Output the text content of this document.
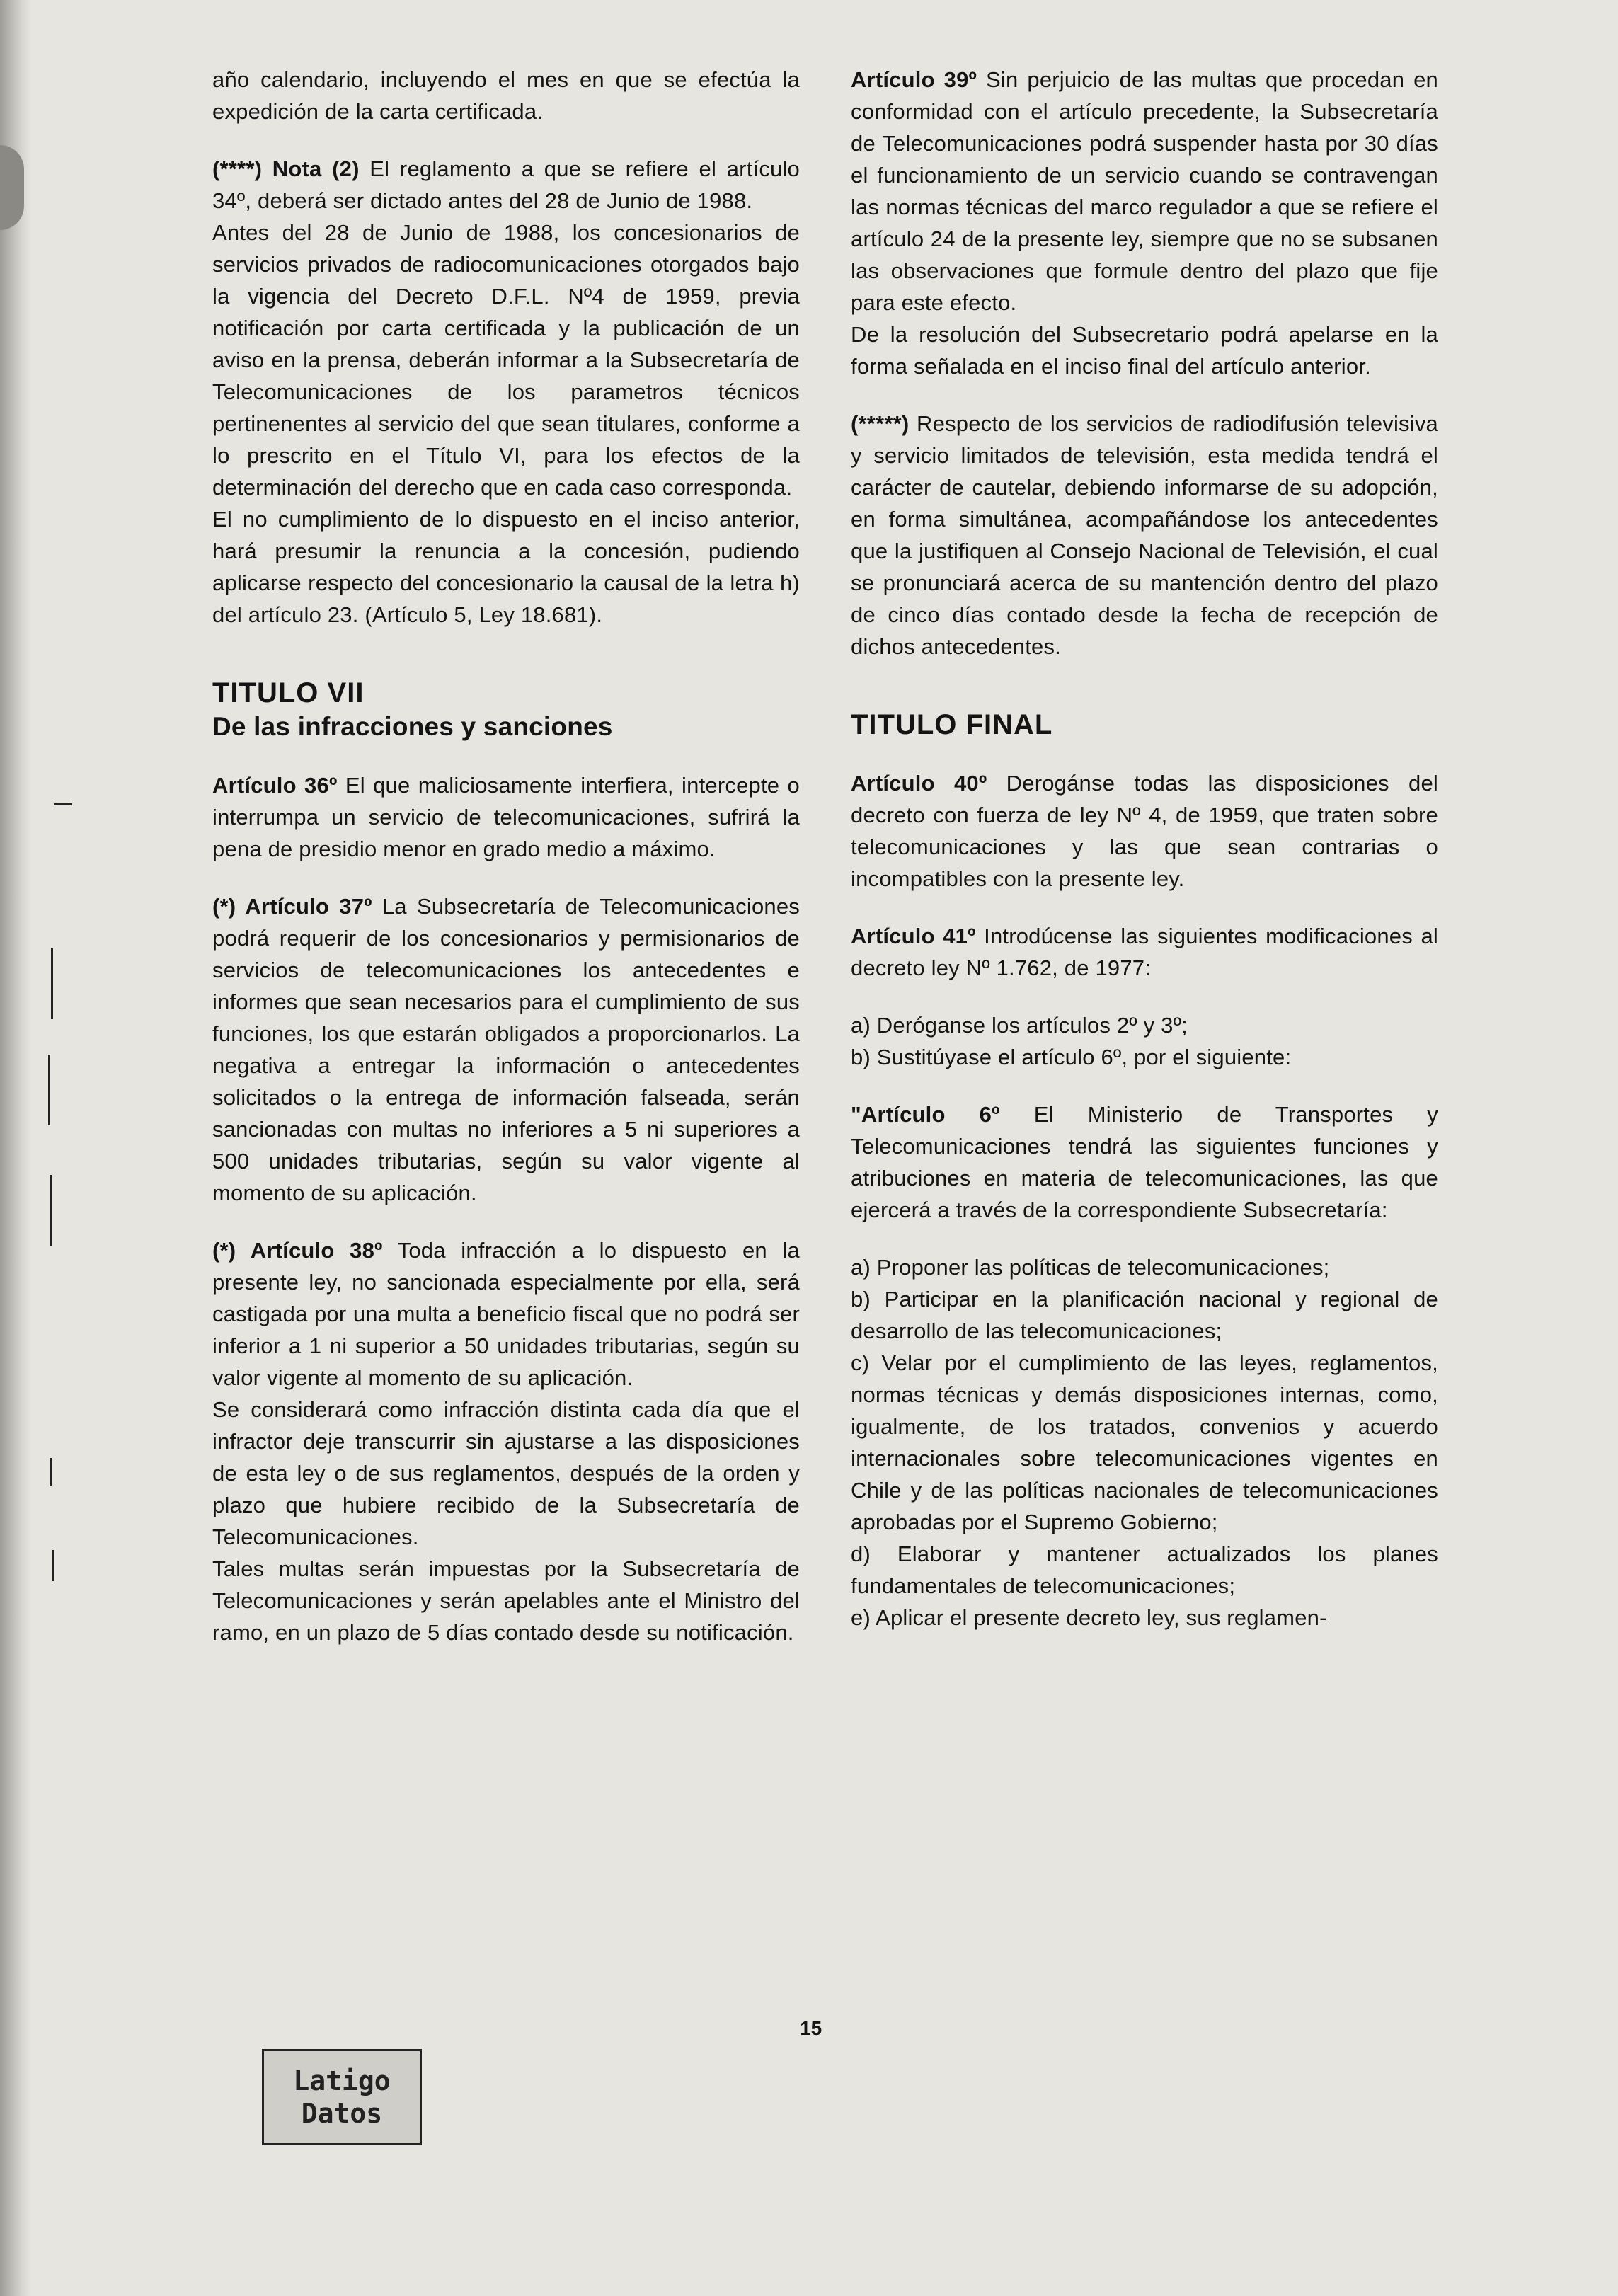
año calendario, incluyendo el mes en que se efectúa la expedición de la carta certificada.

(****) Nota (2) El reglamento a que se refiere el artículo 34º, deberá ser dictado antes del 28 de Junio de 1988.

Antes del 28 de Junio de 1988, los concesionarios de servicios privados de radiocomunicaciones otorgados bajo la vigencia del Decreto D.F.L. Nº4 de 1959, previa notificación por carta certificada y la publicación de un aviso en la prensa, deberán informar a la Subsecretaría de Telecomunicaciones de los parametros técnicos pertinenentes al servicio del que sean titulares, conforme a lo prescrito en el Título VI, para los efectos de la determinación del derecho que en cada caso corresponda.

El no cumplimiento de lo dispuesto en el inciso anterior, hará presumir la renuncia a la concesión, pudiendo aplicarse respecto del concesionario la causal de la letra h) del artículo 23. (Artículo 5, Ley 18.681).

TITULO VII

De las infracciones y sanciones

Artículo 36º El que maliciosamente interfiera, intercepte o interrumpa un servicio de telecomunicaciones, sufrirá la pena de presidio menor en grado medio a máximo.

(*) Artículo 37º La Subsecretaría de Telecomunicaciones podrá requerir de los concesionarios y permisionarios de servicios de telecomunicaciones los antecedentes e informes que sean necesarios para el cumplimiento de sus funciones, los que estarán obligados a proporcionarlos. La negativa a entregar la información o antecedentes solicitados o la entrega de información falseada, serán sancionadas con multas no inferiores a 5 ni superiores a 500 unidades tributarias, según su valor vigente al momento de su aplicación.

(*) Artículo 38º Toda infracción a lo dispuesto en la presente ley, no sancionada especialmente por ella, será castigada por una multa a beneficio fiscal que no podrá ser inferior a 1 ni superior a 50 unidades tributarias, según su valor vigente al momento de su aplicación.

Se considerará como infracción distinta cada día que el infractor deje transcurrir sin ajustarse a las disposiciones de esta ley o de sus reglamentos, después de la orden y plazo que hubiere recibido de la Subsecretaría de Telecomunicaciones.

Tales multas serán impuestas por la Subsecretaría de Telecomunicaciones y serán apelables ante el Ministro del ramo, en un plazo de 5 días contado desde su notificación.

Artículo 39º Sin perjuicio de las multas que procedan en conformidad con el artículo precedente, la Subsecretaría de Telecomunicaciones podrá suspender hasta por 30 días el funcionamiento de un servicio cuando se contravengan las normas técnicas del marco regulador a que se refiere el artículo 24 de la presente ley, siempre que no se subsanen las observaciones que formule dentro del plazo que fije para este efecto.

De la resolución del Subsecretario podrá apelarse en la forma señalada en el inciso final del artículo anterior.

(*****) Respecto de los servicios de radiodifusión televisiva y servicio limitados de televisión, esta medida tendrá el carácter de cautelar, debiendo informarse de su adopción, en forma simultánea, acompañándose los antecedentes que la justifiquen al Consejo Nacional de Televisión, el cual se pronunciará acerca de su mantención dentro del plazo de cinco días contado desde la fecha de recepción de dichos antecedentes.

TITULO FINAL

Artículo 40º Derogánse todas las disposiciones del decreto con fuerza de ley Nº 4, de 1959, que traten sobre telecomunicaciones y las que sean contrarias o incompatibles con la presente ley.

Artículo 41º Introdúcense las siguientes modificaciones al decreto ley Nº 1.762, de 1977:

a) Deróganse los artículos 2º y 3º;

b) Sustitúyase el artículo 6º, por el siguiente:

"Artículo 6º El Ministerio de Transportes y Telecomunicaciones tendrá las siguientes funciones y atribuciones en materia de telecomunicaciones, las que ejercerá a través de la correspondiente Subsecretaría:

a) Proponer las políticas de telecomunicaciones;

b) Participar en la planificación nacional y regional de desarrollo de las telecomunicaciones;

c) Velar por el cumplimiento de las leyes, reglamentos, normas técnicas y demás disposiciones internas, como, igualmente, de los tratados, convenios y acuerdo internacionales sobre telecomunicaciones vigentes en Chile y de las políticas nacionales de telecomunicaciones aprobadas por el Supremo Gobierno;

d) Elaborar y mantener actualizados los planes fundamentales de telecomunicaciones;

e) Aplicar el presente decreto ley, sus reglamen-

15
Latigo
Datos
